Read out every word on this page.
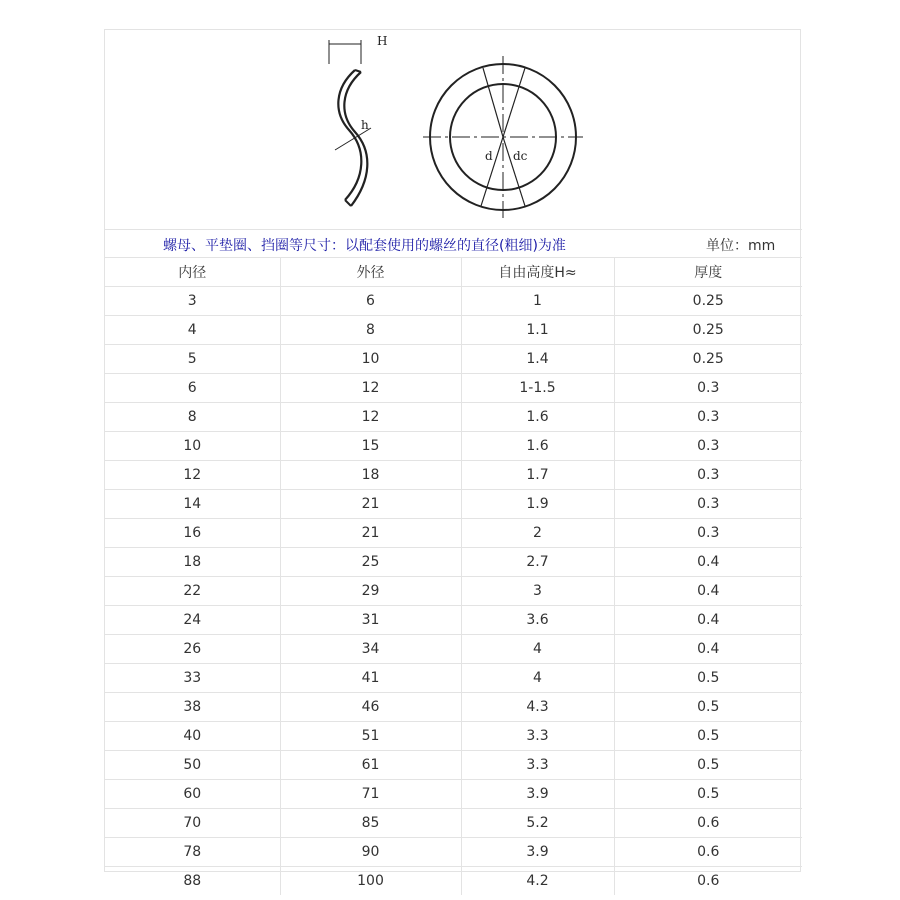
H
h
d dc
螺母、平垫圈、挡圈等尺寸：以配套使用的螺丝的直径(粗细)为准	单位：mm
内径	外径	自由高度H≈	厚度
3	6	1	0.25
4	8	1.1	0.25
5	10	1.4	0.25
6	12	1-1.5	0.3
8	12	1.6	0.3
10	15	1.6	0.3
12	18	1.7	0.3
14	21	1.9	0.3
16	21	2	0.3
18	25	2.7	0.4
22	29	3	0.4
24	31	3.6	0.4
26	34	4	0.4
33	41	4	0.5
38	46	4.3	0.5
40	51	3.3	0.5
50	61	3.3	0.5
60	71	3.9	0.5
70	85	5.2	0.6
78	90	3.9	0.6
88	100	4.2	0.6
